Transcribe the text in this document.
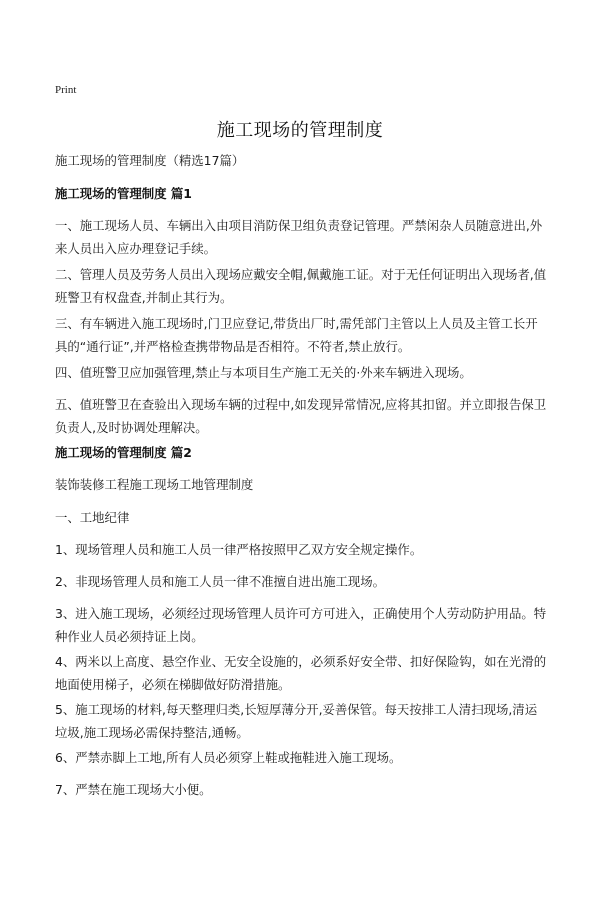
Print
施工现场的管理制度

施工现场的管理制度（精选17篇）

施工现场的管理制度 篇1

一、施工现场人员、车辆出入由项目消防保卫组负责登记管理。严禁闲杂人员随意进出,外来人员出入应办理登记手续。

二、管理人员及劳务人员出入现场应戴安全帽,佩戴施工证。对于无任何证明出入现场者,值班警卫有权盘查,并制止其行为。

三、有车辆进入施工现场时,门卫应登记,带货出厂时,需凭部门主管以上人员及主管工长开具的“通行证”,并严格检查携带物品是否相符。不符者,禁止放行。

四、值班警卫应加强管理,禁止与本项目生产施工无关的·外来车辆进入现场。

五、值班警卫在查验出入现场车辆的过程中,如发现异常情况,应将其扣留。并立即报告保卫负责人,及时协调处理解决。

施工现场的管理制度 篇2

装饰装修工程施工现场工地管理制度

一、工地纪律

1、现场管理人员和施工人员一律严格按照甲乙双方安全规定操作。

2、非现场管理人员和施工人员一律不准擅自进出施工现场。

3、进入施工现场，必须经过现场管理人员许可方可进入，正确使用个人劳动防护用品。特种作业人员必须持证上岗。

4、两米以上高度、悬空作业、无安全设施的，必须系好安全带、扣好保险钩，如在光滑的地面使用梯子，必须在梯脚做好防滑措施。

5、施工现场的材料,每天整理归类,长短厚薄分开,妥善保管。每天按排工人清扫现场,清运垃圾,施工现场必需保持整洁,通畅。

6、严禁赤脚上工地,所有人员必须穿上鞋或拖鞋进入施工现场。

7、严禁在施工现场大小便。
